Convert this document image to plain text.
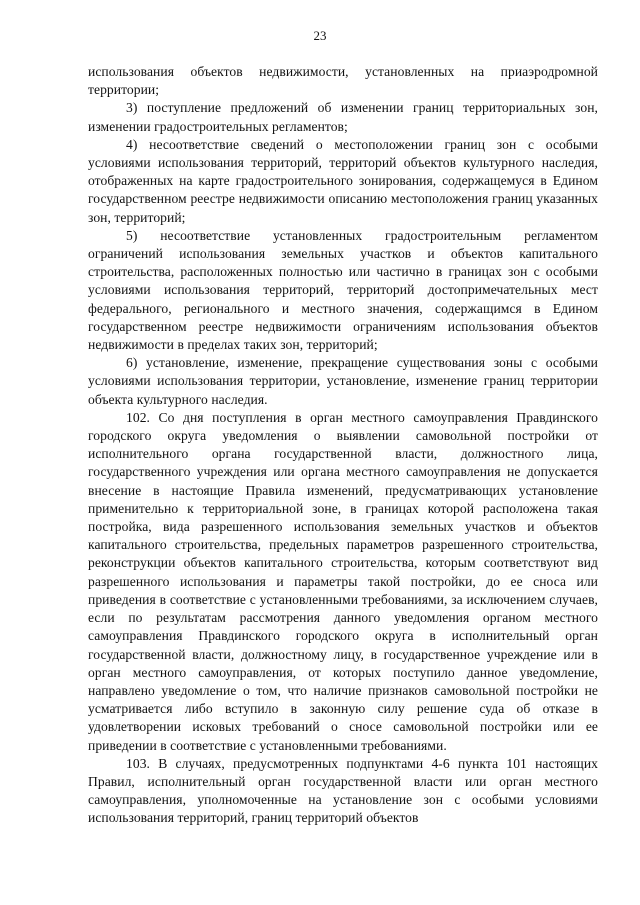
23

использования объектов недвижимости, установленных на приаэродромной территории;

3) поступление предложений об изменении границ территориальных зон, изменении градостроительных регламентов;

4) несоответствие сведений о местоположении границ зон с особыми условиями использования территорий, территорий объектов культурного наследия, отображенных на карте градостроительного зонирования, содержащемуся в Едином государственном реестре недвижимости описанию местоположения границ указанных зон, территорий;

5) несоответствие установленных градостроительным регламентом ограничений использования земельных участков и объектов капитального строительства, расположенных полностью или частично в границах зон с особыми условиями использования территорий, территорий достопримечательных мест федерального, регионального и местного значения, содержащимся в Едином государственном реестре недвижимости ограничениям использования объектов недвижимости в пределах таких зон, территорий;

6) установление, изменение, прекращение существования зоны с особыми условиями использования территории, установление, изменение границ территории объекта культурного наследия.

102. Со дня поступления в орган местного самоуправления Правдинского городского округа уведомления о выявлении самовольной постройки от исполнительного органа государственной власти, должностного лица, государственного учреждения или органа местного самоуправления не допускается внесение в настоящие Правила изменений, предусматривающих установление применительно к территориальной зоне, в границах которой расположена такая постройка, вида разрешенного использования земельных участков и объектов капитального строительства, предельных параметров разрешенного строительства, реконструкции объектов капитального строительства, которым соответствуют вид разрешенного использования и параметры такой постройки, до ее сноса или приведения в соответствие с установленными требованиями, за исключением случаев, если по результатам рассмотрения данного уведомления органом местного самоуправления Правдинского городского округа в исполнительный орган государственной власти, должностному лицу, в государственное учреждение или в орган местного самоуправления, от которых поступило данное уведомление, направлено уведомление о том, что наличие признаков самовольной постройки не усматривается либо вступило в законную силу решение суда об отказе в удовлетворении исковых требований о сносе самовольной постройки или ее приведении в соответствие с установленными требованиями.

103. В случаях, предусмотренных подпунктами 4-6 пункта 101 настоящих Правил, исполнительный орган государственной власти или орган местного самоуправления, уполномоченные на установление зон с особыми условиями использования территорий, границ территорий объектов
